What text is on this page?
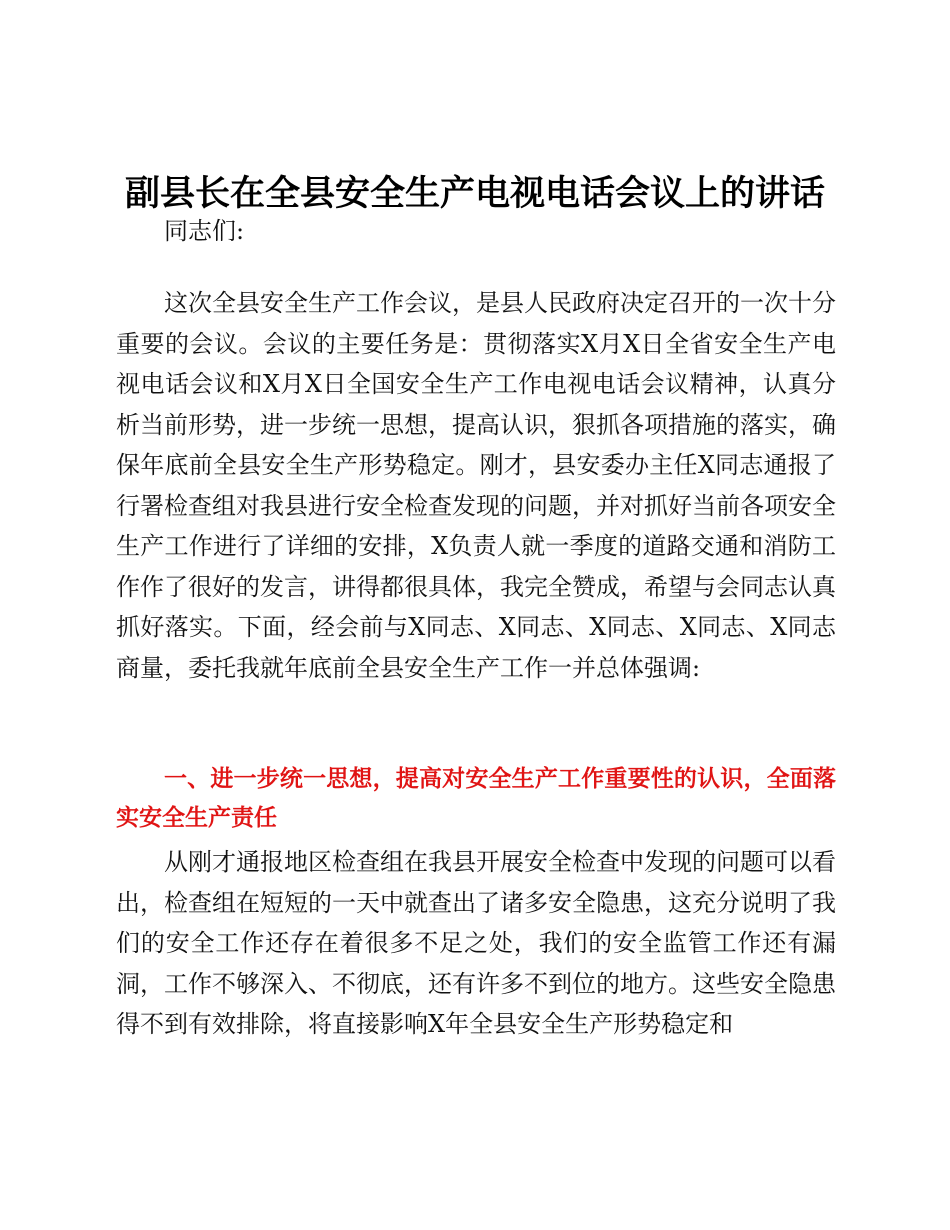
副县长在全县安全生产电视电话会议上的讲话

同志们:

这次全县安全生产工作会议，是县人民政府决定召开的一次十分重要的会议。会议的主要任务是：贯彻落实X月X日全省安全生产电视电话会议和X月X日全国安全生产工作电视电话会议精神，认真分析当前形势，进一步统一思想，提高认识，狠抓各项措施的落实，确保年底前全县安全生产形势稳定。刚才，县安委办主任X同志通报了行署检查组对我县进行安全检查发现的问题，并对抓好当前各项安全生产工作进行了详细的安排，X负责人就一季度的道路交通和消防工作作了很好的发言，讲得都很具体，我完全赞成，希望与会同志认真抓好落实。下面，经会前与X同志、X同志、X同志、X同志、X同志商量，委托我就年底前全县安全生产工作一并总体强调:

一、进一步统一思想，提高对安全生产工作重要性的认识，全面落实安全生产责任

从刚才通报地区检查组在我县开展安全检查中发现的问题可以看出，检查组在短短的一天中就查出了诸多安全隐患，这充分说明了我们的安全工作还存在着很多不足之处，我们的安全监管工作还有漏洞，工作不够深入、不彻底，还有许多不到位的地方。这些安全隐患得不到有效排除，将直接影响X年全县安全生产形势稳定和
